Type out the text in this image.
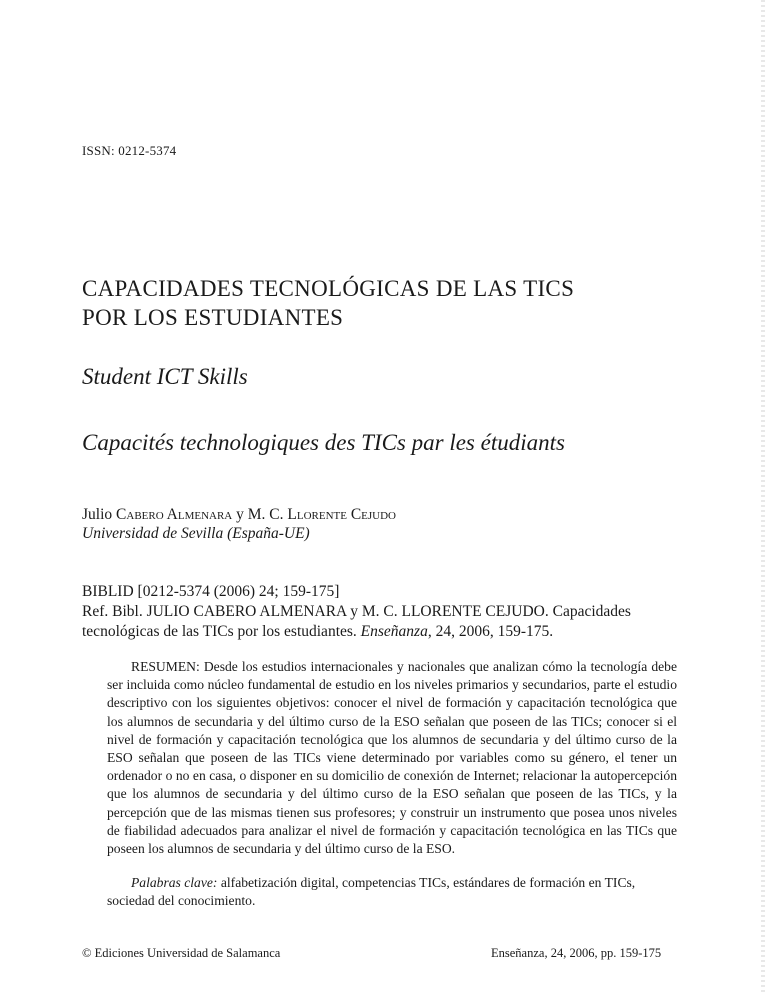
ISSN: 0212-5374
CAPACIDADES TECNOLÓGICAS DE LAS TICS
POR LOS ESTUDIANTES
Student ICT Skills
Capacités technologiques des TICs par les étudiants
Julio Cabero Almenara y M. C. Llorente Cejudo
Universidad de Sevilla (España-UE)
BIBLID [0212-5374 (2006) 24; 159-175]
Ref. Bibl. JULIO CABERO ALMENARA y M. C. LLORENTE CEJUDO. Capacidades tecnológicas de las TICs por los estudiantes. Enseñanza, 24, 2006, 159-175.
RESUMEN: Desde los estudios internacionales y nacionales que analizan cómo la tecnología debe ser incluida como núcleo fundamental de estudio en los niveles primarios y secundarios, parte el estudio descriptivo con los siguientes objetivos: conocer el nivel de formación y capacitación tecnológica que los alumnos de secundaria y del último curso de la ESO señalan que poseen de las TICs; conocer si el nivel de formación y capacitación tecnológica que los alumnos de secundaria y del último curso de la ESO señalan que poseen de las TICs viene determinado por variables como su género, el tener un ordenador o no en casa, o disponer en su domicilio de conexión de Internet; relacionar la autopercepción que los alumnos de secundaria y del último curso de la ESO señalan que poseen de las TICs, y la percepción que de las mismas tienen sus profesores; y construir un instrumento que posea unos niveles de fiabilidad adecuados para analizar el nivel de formación y capacitación tecnológica en las TICs que poseen los alumnos de secundaria y del último curso de la ESO.
Palabras clave: alfabetización digital, competencias TICs, estándares de formación en TICs, sociedad del conocimiento.
© Ediciones Universidad de Salamanca	Enseñanza, 24, 2006, pp. 159-175
